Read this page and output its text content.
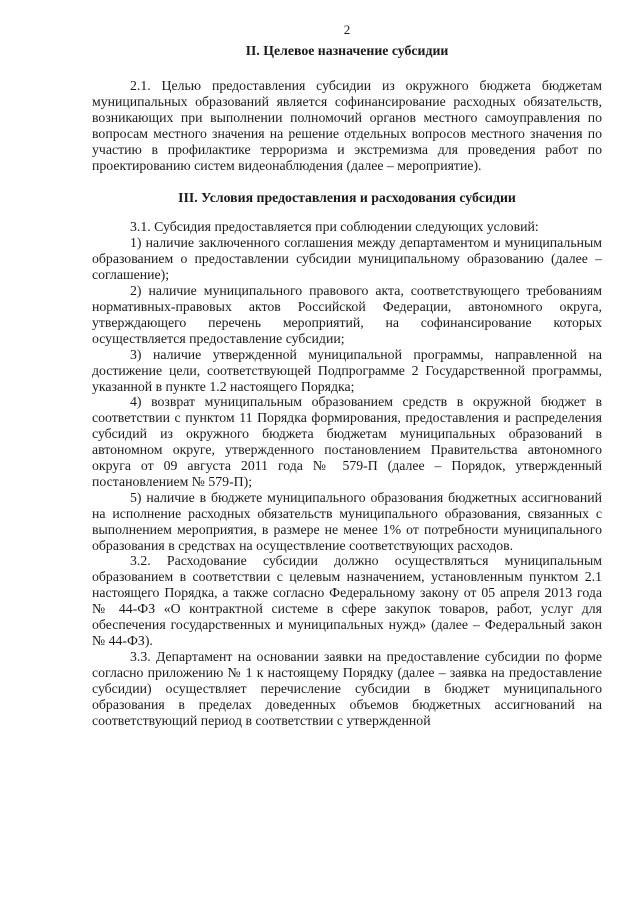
2
II. Целевое назначение субсидии

2.1. Целью предоставления субсидии из окружного бюджета бюджетам муниципальных образований является софинансирование расходных обязательств, возникающих при выполнении полномочий органов местного самоуправления по вопросам местного значения на решение отдельных вопросов местного значения по участию в профилактике терроризма и экстремизма для проведения работ по проектированию систем видеонаблюдения (далее – мероприятие).

III. Условия предоставления и расходования субсидии

3.1. Субсидия предоставляется при соблюдении следующих условий:

1) наличие заключенного соглашения между департаментом и муниципальным образованием о предоставлении субсидии муниципальному образованию (далее – соглашение);

2) наличие муниципального правового акта, соответствующего требованиям нормативных-правовых актов Российской Федерации, автономного округа, утверждающего перечень мероприятий, на софинансирование которых осуществляется предоставление субсидии;

3) наличие утвержденной муниципальной программы, направленной на достижение цели, соответствующей Подпрограмме 2 Государственной программы, указанной в пункте 1.2 настоящего Порядка;

4) возврат муниципальным образованием средств в окружной бюджет в соответствии с пунктом 11 Порядка формирования, предоставления и распределения субсидий из окружного бюджета бюджетам муниципальных образований в автономном округе, утвержденного постановлением Правительства автономного округа от 09 августа 2011 года № 579-П (далее – Порядок, утвержденный постановлением № 579-П);

5) наличие в бюджете муниципального образования бюджетных ассигнований на исполнение расходных обязательств муниципального образования, связанных с выполнением мероприятия, в размере не менее 1% от потребности муниципального образования в средствах на осуществление соответствующих расходов.

3.2. Расходование субсидии должно осуществляться муниципальным образованием в соответствии с целевым назначением, установленным пунктом 2.1 настоящего Порядка, а также согласно Федеральному закону от 05 апреля 2013 года № 44-ФЗ «О контрактной системе в сфере закупок товаров, работ, услуг для обеспечения государственных и муниципальных нужд» (далее – Федеральный закон № 44-ФЗ).

3.3. Департамент на основании заявки на предоставление субсидии по форме согласно приложению № 1 к настоящему Порядку (далее – заявка на предоставление субсидии) осуществляет перечисление субсидии в бюджет муниципального образования в пределах доведенных объемов бюджетных ассигнований на соответствующий период в соответствии с утвержденной
